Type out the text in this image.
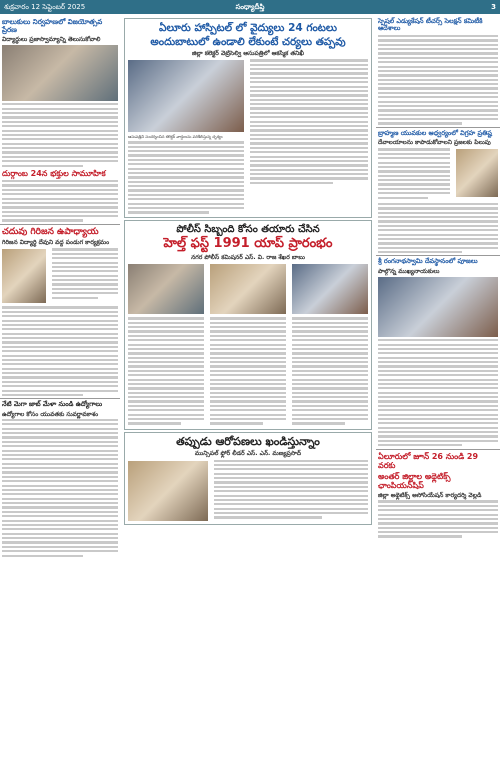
శుక్రవారం 12 సెప్టెంబర్ 2025	సంధ్యాదీప్తి	3
బాలుకులు నిర్వహణలో విజయోత్సవ ప్రేరణ
విద్యార్థులు ప్రజాస్వామ్యాన్ని తెలుసుకోవాలి
దుర్గాంబ 24న భక్తుల సామూహిక
చదువు గిరిజన ఉపాధ్యాయ
గిరిజన విద్యార్థి దేవుని వద్ద పండుగ కార్యక్రమం
నేటి మెగా జాబ్ మేళా నుండి ఉద్యోగాలు
ఉద్యోగాల కోసం యువతకు సువర్ణావకాశం
ఏలూరు హాస్పిటల్ లో వైద్యులు 24 గంటలు
అందుబాటులో ఉండాలి లేకుంటే చర్యలు తప్పవు
జిల్లా కలెక్టర్ వెట్రిసెల్వి ఆసుపత్రిలో ఆకస్మిక తనిఖీ
ఆసుపత్రిని సందర్శించిన కలెక్టర్ వార్డులను పరిశీలిస్తున్న దృశ్యం
పోలీస్ సిబ్బంది కోసం తయారు చేసిన
హెల్త్ ఫస్ట్ 1991 యాప్ ప్రారంభం
నగర పోలీస్ కమిషనర్ ఎస్. వి. రాజ శేఖర బాబు
తప్పుడు ఆరోపణలు ఖండిస్తున్నాం
మున్సిపల్ ఫ్లోర్ లీడర్ ఎస్. ఎన్. మణ్యప్రసాద్
స్పెషల్ ఎడ్యుకేషన్ టీచర్స్ సెలక్షన్ కమిటీకి ఆదేశాలు
బ్రాహ్మణ యువకుల ఆధ్వర్యంలో విగ్రహ ప్రతిష్ట
దేవాలయాలను కాపాడుకోవాలని ప్రజలకు పిలుపు
శ్రీ రంగనాథస్వామి దేవస్థానంలో పూజలు
పాల్గొన్న ముఖ్యనాయకులు
ఏలూరులో జూన్ 26 నుండి 29 వరకు
అంతర్ జిల్లాల అథ్లెటిక్స్ ఛాంపియన్‌షిప్
జిల్లా అథ్లెటిక్స్ అసోసియేషన్ కార్యదర్శి వెల్లడి
